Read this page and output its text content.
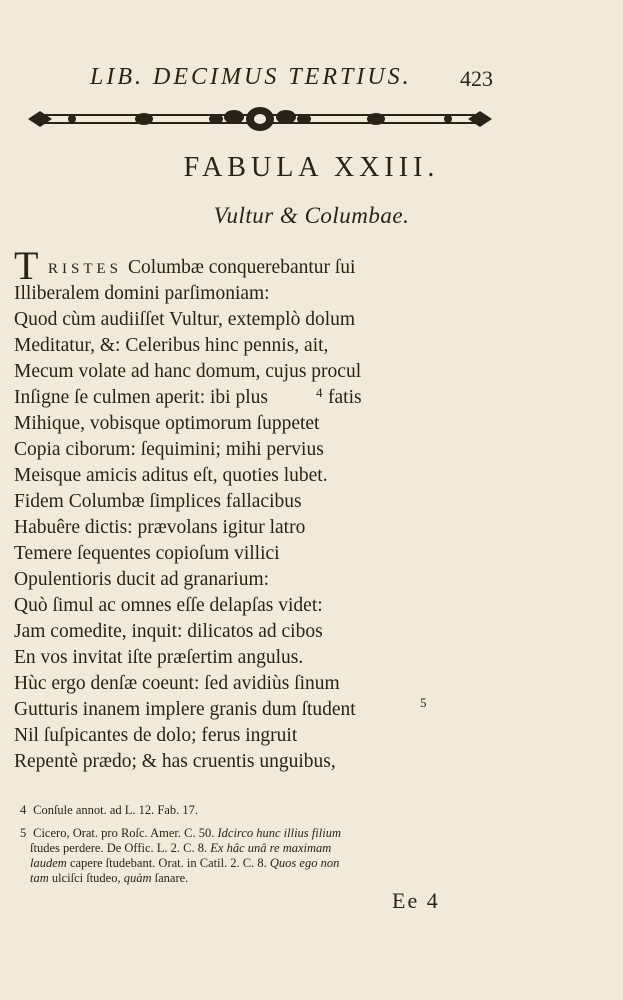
LIB. DECIMUS TERTIUS.	423
FABULA XXIII.
Vultur & Columbae.
T RISTES Columbæ conquerebantur ſui
Illiberalem domini parſimoniam:
Quod cùm audiiſſet Vultur, extemplò dolum
Meditatur, &: Celeribus hinc pennis, ait,
Mecum volate ad hanc domum, cujus procul
Inſigne ſe culmen aperit: ibi plus	4 fatis
Mihique, vobisque optimorum ſuppetet
Copia ciborum: ſequimini; mihi pervius
Meisque amicis aditus eſt, quoties lubet.
Fidem Columbæ ſimplices fallacibus
Habuêre dictis: prævolans igitur latro
Temere ſequentes copioſum villici
Opulentioris ducit ad granarium:
Quò ſimul ac omnes eſſe delapſas videt:
Jam comedite, inquit: dilicatos ad cibos
En vos invitat iſte præſertim angulus.
Hùc ergo denſæ coeunt: ſed avidiùs ſinum
Gutturis inanem implere granis dum ſtudent	5
Nil ſuſpicantes de dolo; ferus ingruit
Repentè prædo; & has cruentis unguibus,
4 Conſule annot. ad L. 12. Fab. 17.
5 Cicero, Orat. pro Roſc. Amer. C. 50. Idcirco hunc illius filium
ſtudes perdere. De Offic. L. 2. C. 8. Ex hâc unâ re maximam
laudem capere ſtudebant. Orat. in Catil. 2. C. 8. Quos ego non
tam ulciſci ſtudeo, quàm ſanare.
Ee 4
